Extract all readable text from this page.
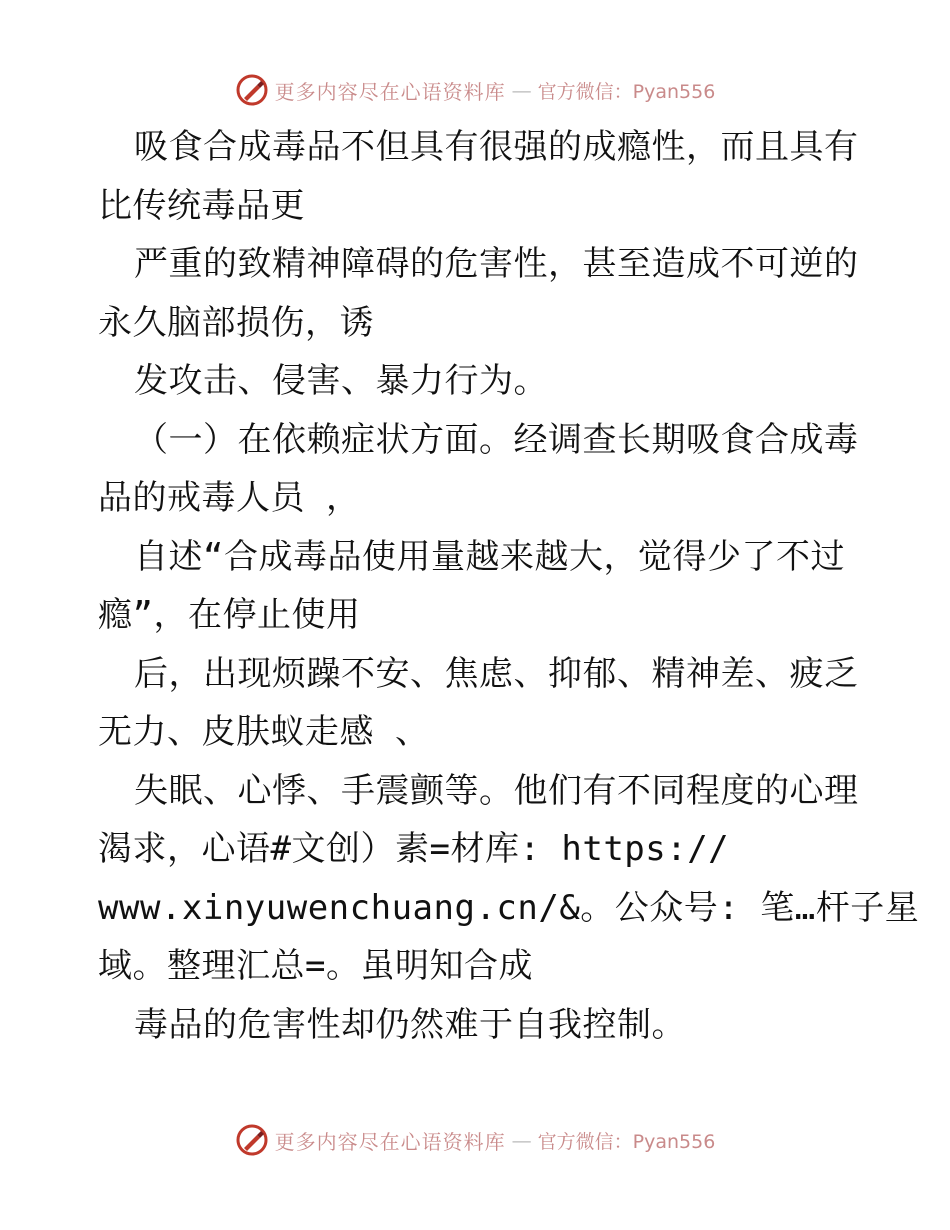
更多内容尽在心语资料库 — 官方微信：Pyan556
吸食合成毒品不但具有很强的成瘾性，而且具有
比传统毒品更
严重的致精神障碍的危害性，甚至造成不可逆的
永久脑部损伤，诱
发攻击、侵害、暴力行为。
（一）在依赖症状方面。经调查长期吸食合成毒
品的戒毒人员 ，
自述“合成毒品使用量越来越大，觉得少了不过
瘾”，在停止使用
后，出现烦躁不安、焦虑、抑郁、精神差、疲乏
无力、皮肤蚁走感 、
失眠、心悸、手震颤等。他们有不同程度的心理
渴求，心语#文创）素=材库: https://
www.xinyuwenchuang.cn/&。公众号: 笔…杆子星
域。整理汇总=。虽明知合成
毒品的危害性却仍然难于自我控制。
更多内容尽在心语资料库 — 官方微信：Pyan556
